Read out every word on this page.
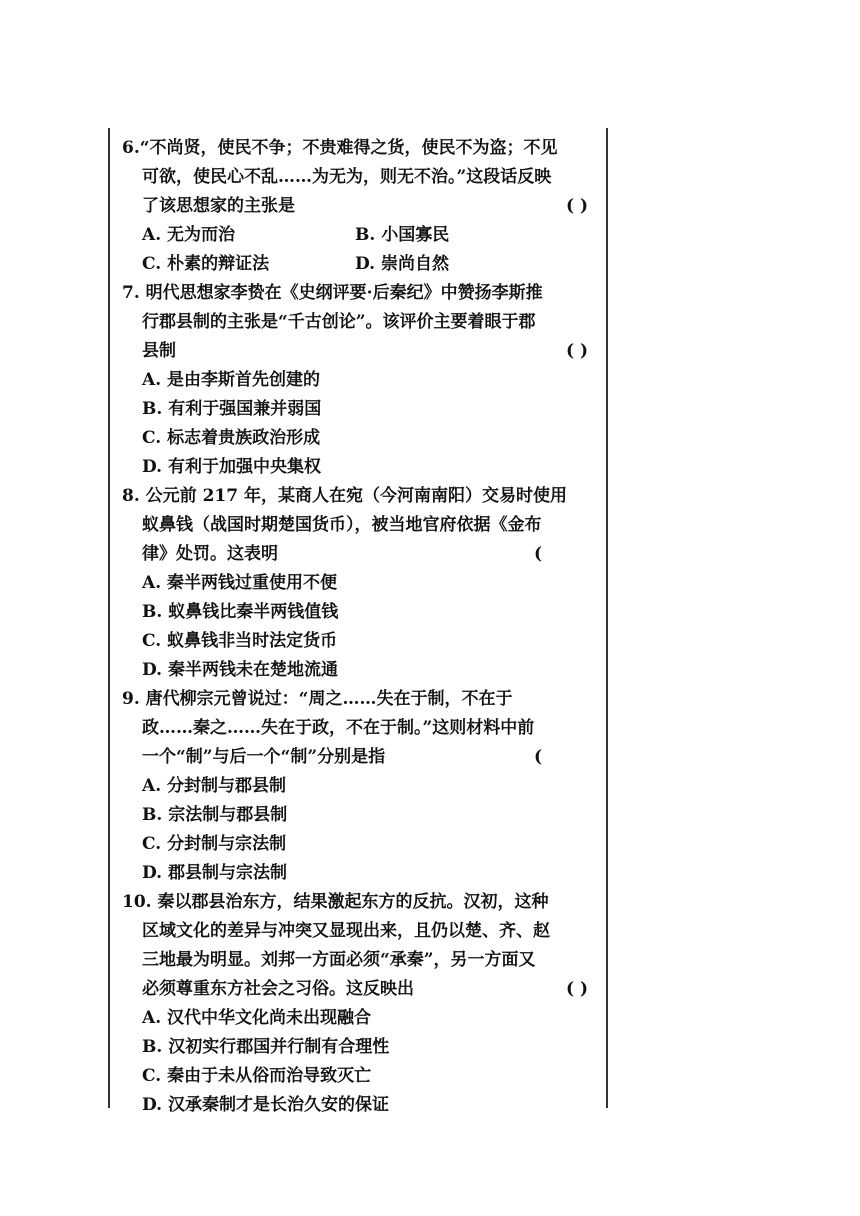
6.“不尚贤，使民不争；不贵难得之货，使民不为盗；不见
可欲，使民心不乱……为无为，则无不治。”这段话反映
了该思想家的主张是	( )
A. 无为而治	B. 小国寡民
C. 朴素的辩证法	D. 崇尚自然
7. 明代思想家李贽在《史纲评要·后秦纪》中赞扬李斯推
行郡县制的主张是“千古创论”。该评价主要着眼于郡
县制	( )
A. 是由李斯首先创建的
B. 有利于强国兼并弱国
C. 标志着贵族政治形成
D. 有利于加强中央集权
8. 公元前 217 年，某商人在宛（今河南南阳）交易时使用
蚁鼻钱（战国时期楚国货币），被当地官府依据《金布
律》处罚。这表明	(
A. 秦半两钱过重使用不便
B. 蚁鼻钱比秦半两钱值钱
C. 蚁鼻钱非当时法定货币
D. 秦半两钱未在楚地流通
9. 唐代柳宗元曾说过：“周之……失在于制，不在于
政……秦之……失在于政，不在于制。”这则材料中前
一个“制”与后一个“制”分别是指	(
A. 分封制与郡县制
B. 宗法制与郡县制
C. 分封制与宗法制
D. 郡县制与宗法制
10. 秦以郡县治东方，结果激起东方的反抗。汉初，这种
区域文化的差异与冲突又显现出来，且仍以楚、齐、赵
三地最为明显。刘邦一方面必须“承秦”，另一方面又
必须尊重东方社会之习俗。这反映出	( )
A. 汉代中华文化尚未出现融合
B. 汉初实行郡国并行制有合理性
C. 秦由于未从俗而治导致灭亡
D. 汉承秦制才是长治久安的保证
